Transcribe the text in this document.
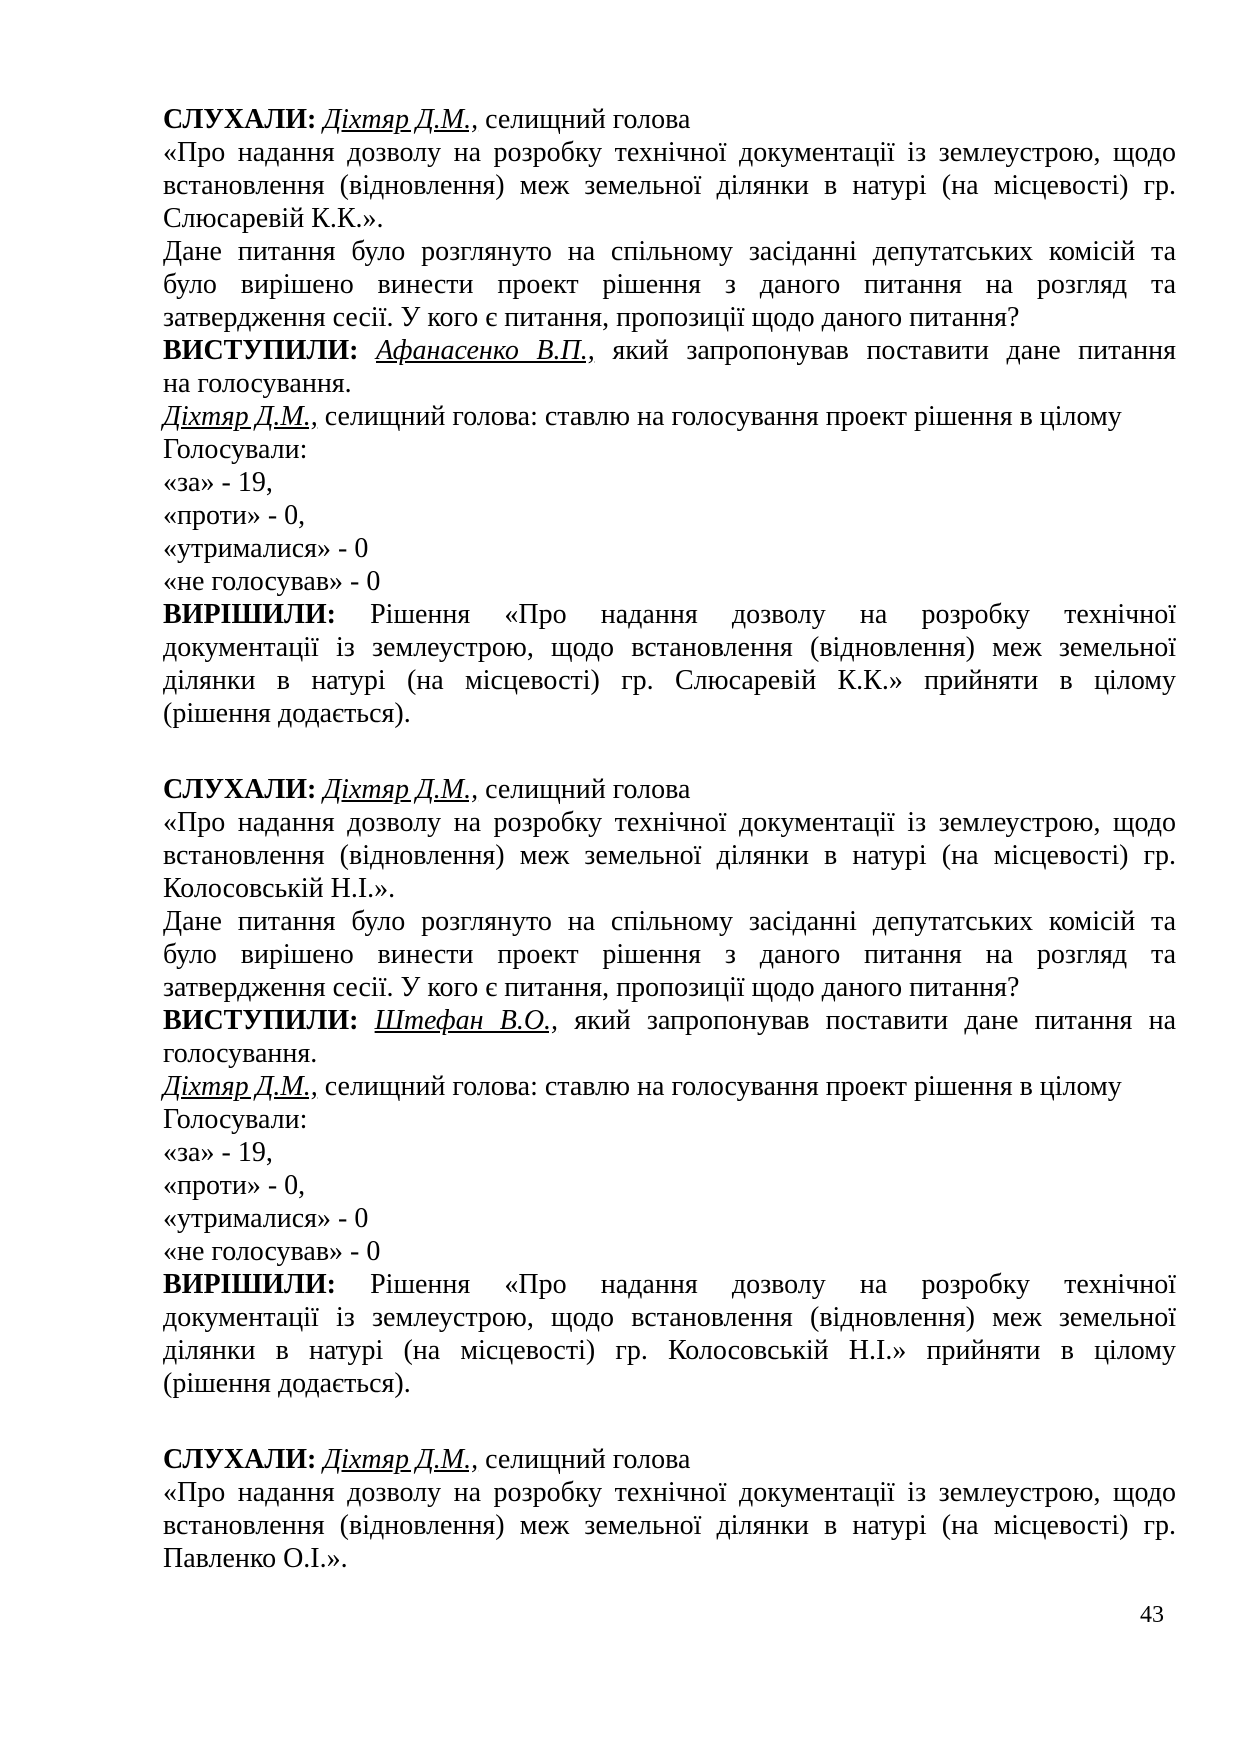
СЛУХАЛИ: Діхтяр Д.М., селищний голова
«Про надання дозволу на розробку технічної документації із землеустрою, щодо
встановлення (відновлення) меж земельної ділянки в натурі (на місцевості) гр.
Слюсаревій К.К.».
Дане питання було розглянуто на спільному засіданні депутатських комісій та
було вирішено винести проект рішення з даного питання на розгляд та
затвердження сесії. У кого є питання, пропозиції щодо даного питання?
ВИСТУПИЛИ: Афанасенко В.П., який запропонував поставити дане питання
на голосування.
Діхтяр Д.М., селищний голова: ставлю на голосування проект рішення в цілому
Голосували:
«за» - 19,
«проти» - 0,
«утрималися» - 0
«не голосував» - 0
ВИРІШИЛИ: Рішення «Про надання дозволу на розробку технічної
документації із землеустрою, щодо встановлення (відновлення) меж земельної
ділянки в натурі (на місцевості) гр. Слюсаревій К.К.» прийняти в цілому
(рішення додається).
СЛУХАЛИ: Діхтяр Д.М., селищний голова
«Про надання дозволу на розробку технічної документації із землеустрою, щодо
встановлення (відновлення) меж земельної ділянки в натурі (на місцевості) гр.
Колосовській Н.І.».
Дане питання було розглянуто на спільному засіданні депутатських комісій та
було вирішено винести проект рішення з даного питання на розгляд та
затвердження сесії. У кого є питання, пропозиції щодо даного питання?
ВИСТУПИЛИ: Штефан В.О., який запропонував поставити дане питання на
голосування.
Діхтяр Д.М., селищний голова: ставлю на голосування проект рішення в цілому
Голосували:
«за» - 19,
«проти» - 0,
«утрималися» - 0
«не голосував» - 0
ВИРІШИЛИ: Рішення «Про надання дозволу на розробку технічної
документації із землеустрою, щодо встановлення (відновлення) меж земельної
ділянки в натурі (на місцевості) гр. Колосовській Н.І.» прийняти в цілому
(рішення додається).
СЛУХАЛИ: Діхтяр Д.М., селищний голова
«Про надання дозволу на розробку технічної документації із землеустрою, щодо
встановлення (відновлення) меж земельної ділянки в натурі (на місцевості) гр.
Павленко О.І.».
43
